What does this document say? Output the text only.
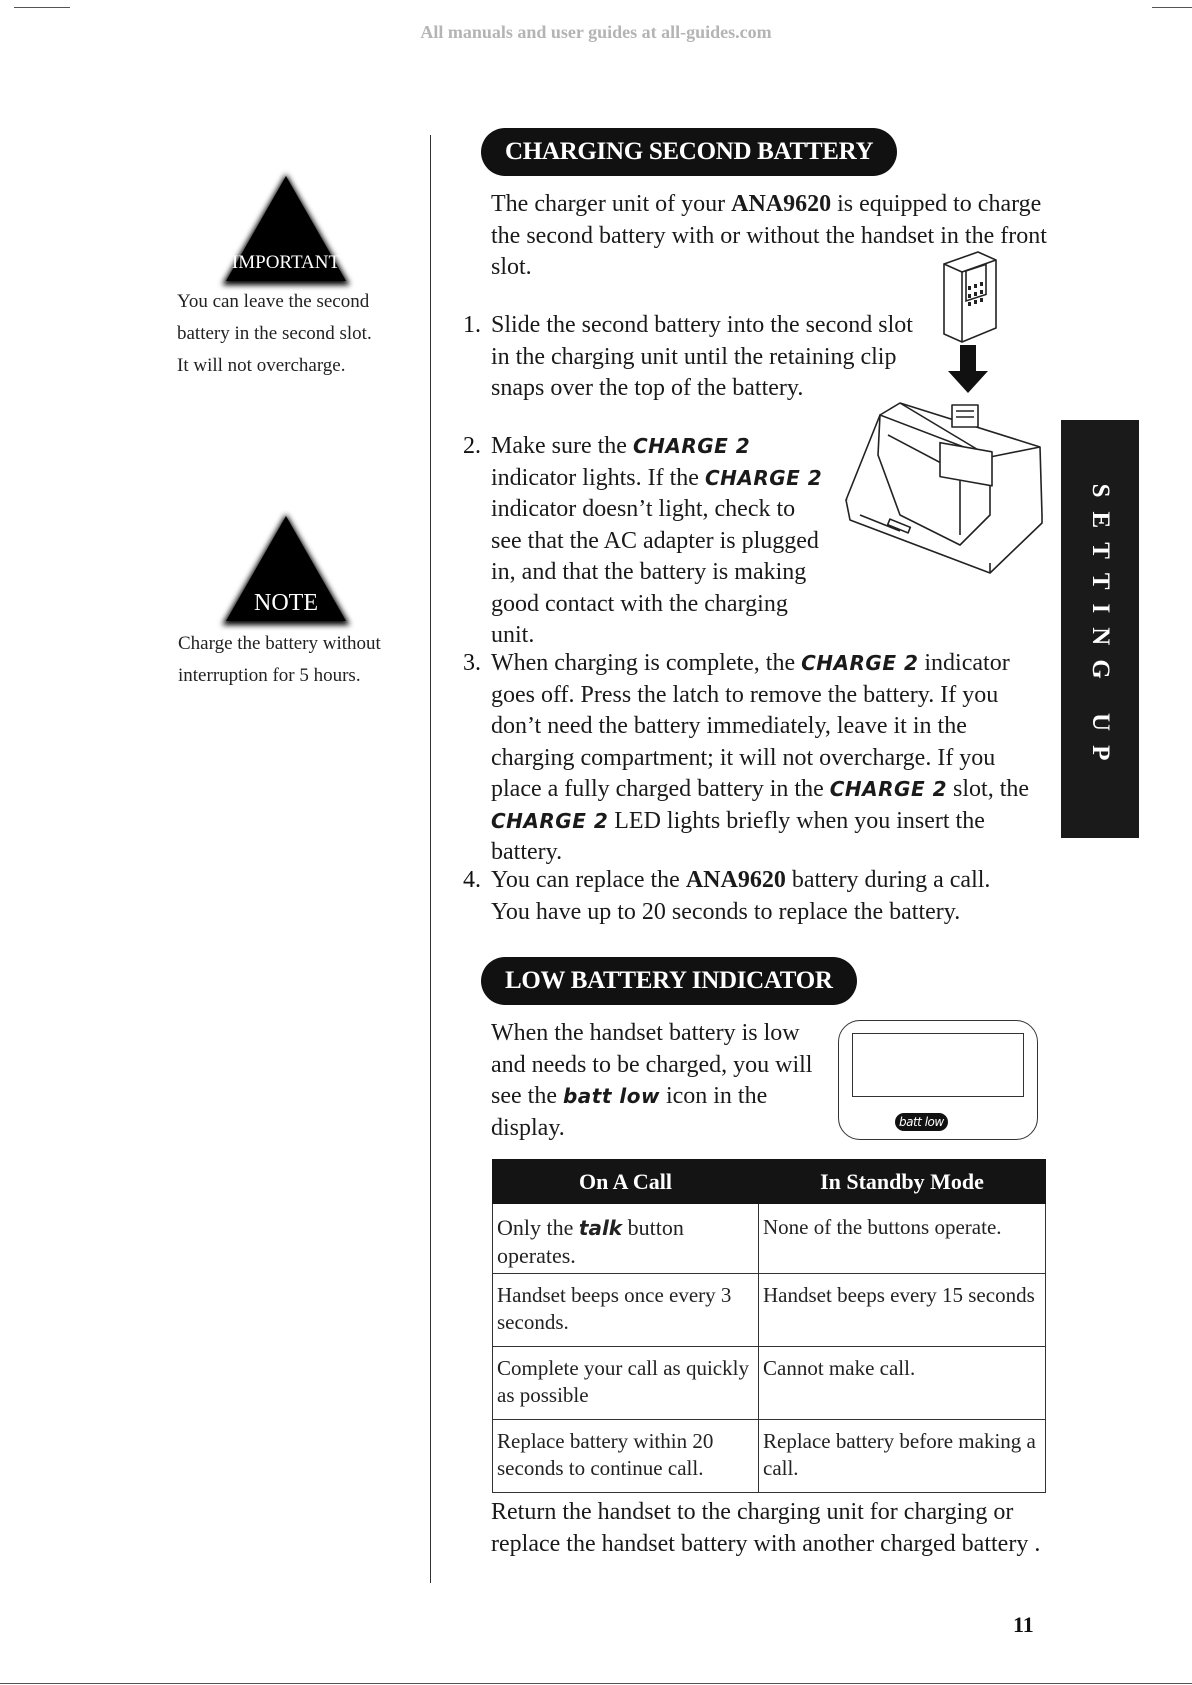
All manuals and user guides at all-guides.com
IMPORTANT
You can leave the second battery in the second slot. It will not overcharge.
NOTE
Charge the battery without interruption for 5 hours.	SETTING UP
CHARGING SECOND BATTERY
The charger unit of your ANA9620 is equipped to charge the second battery with or without the handset in the front slot.
1. Slide the second battery into the second slot in the charging unit until the retaining clip snaps over the top of the battery.
2. Make sure the CHARGE 2 indicator lights. If the CHARGE 2 indicator doesn’t light, check to see that the AC adapter is plugged in, and that the battery is making good contact with the charging unit.
3. When charging is complete, the CHARGE 2 indicator goes off. Press the latch to remove the battery. If you don’t need the battery immediately, leave it in the charging compartment; it will not overcharge. If you place a fully charged battery in the CHARGE 2 slot, the CHARGE 2 LED lights briefly when you insert the battery.
4. You can replace the ANA9620 battery during a call. You have up to 20 seconds to replace the battery.
LOW BATTERY INDICATOR
When the handset battery is low and needs to be charged, you will see the batt low icon in the display.	batt low
On A Call	In Standby Mode
Only the talk button operates.	None of the buttons operate.
Handset beeps once every 3 seconds.	Handset beeps every 15 seconds
Complete your call as quickly as possible	Cannot make call.
Replace battery within 20 seconds to continue call.	Replace battery before making a call.
Return the handset to the charging unit for charging or replace the handset battery with another charged battery .
11
